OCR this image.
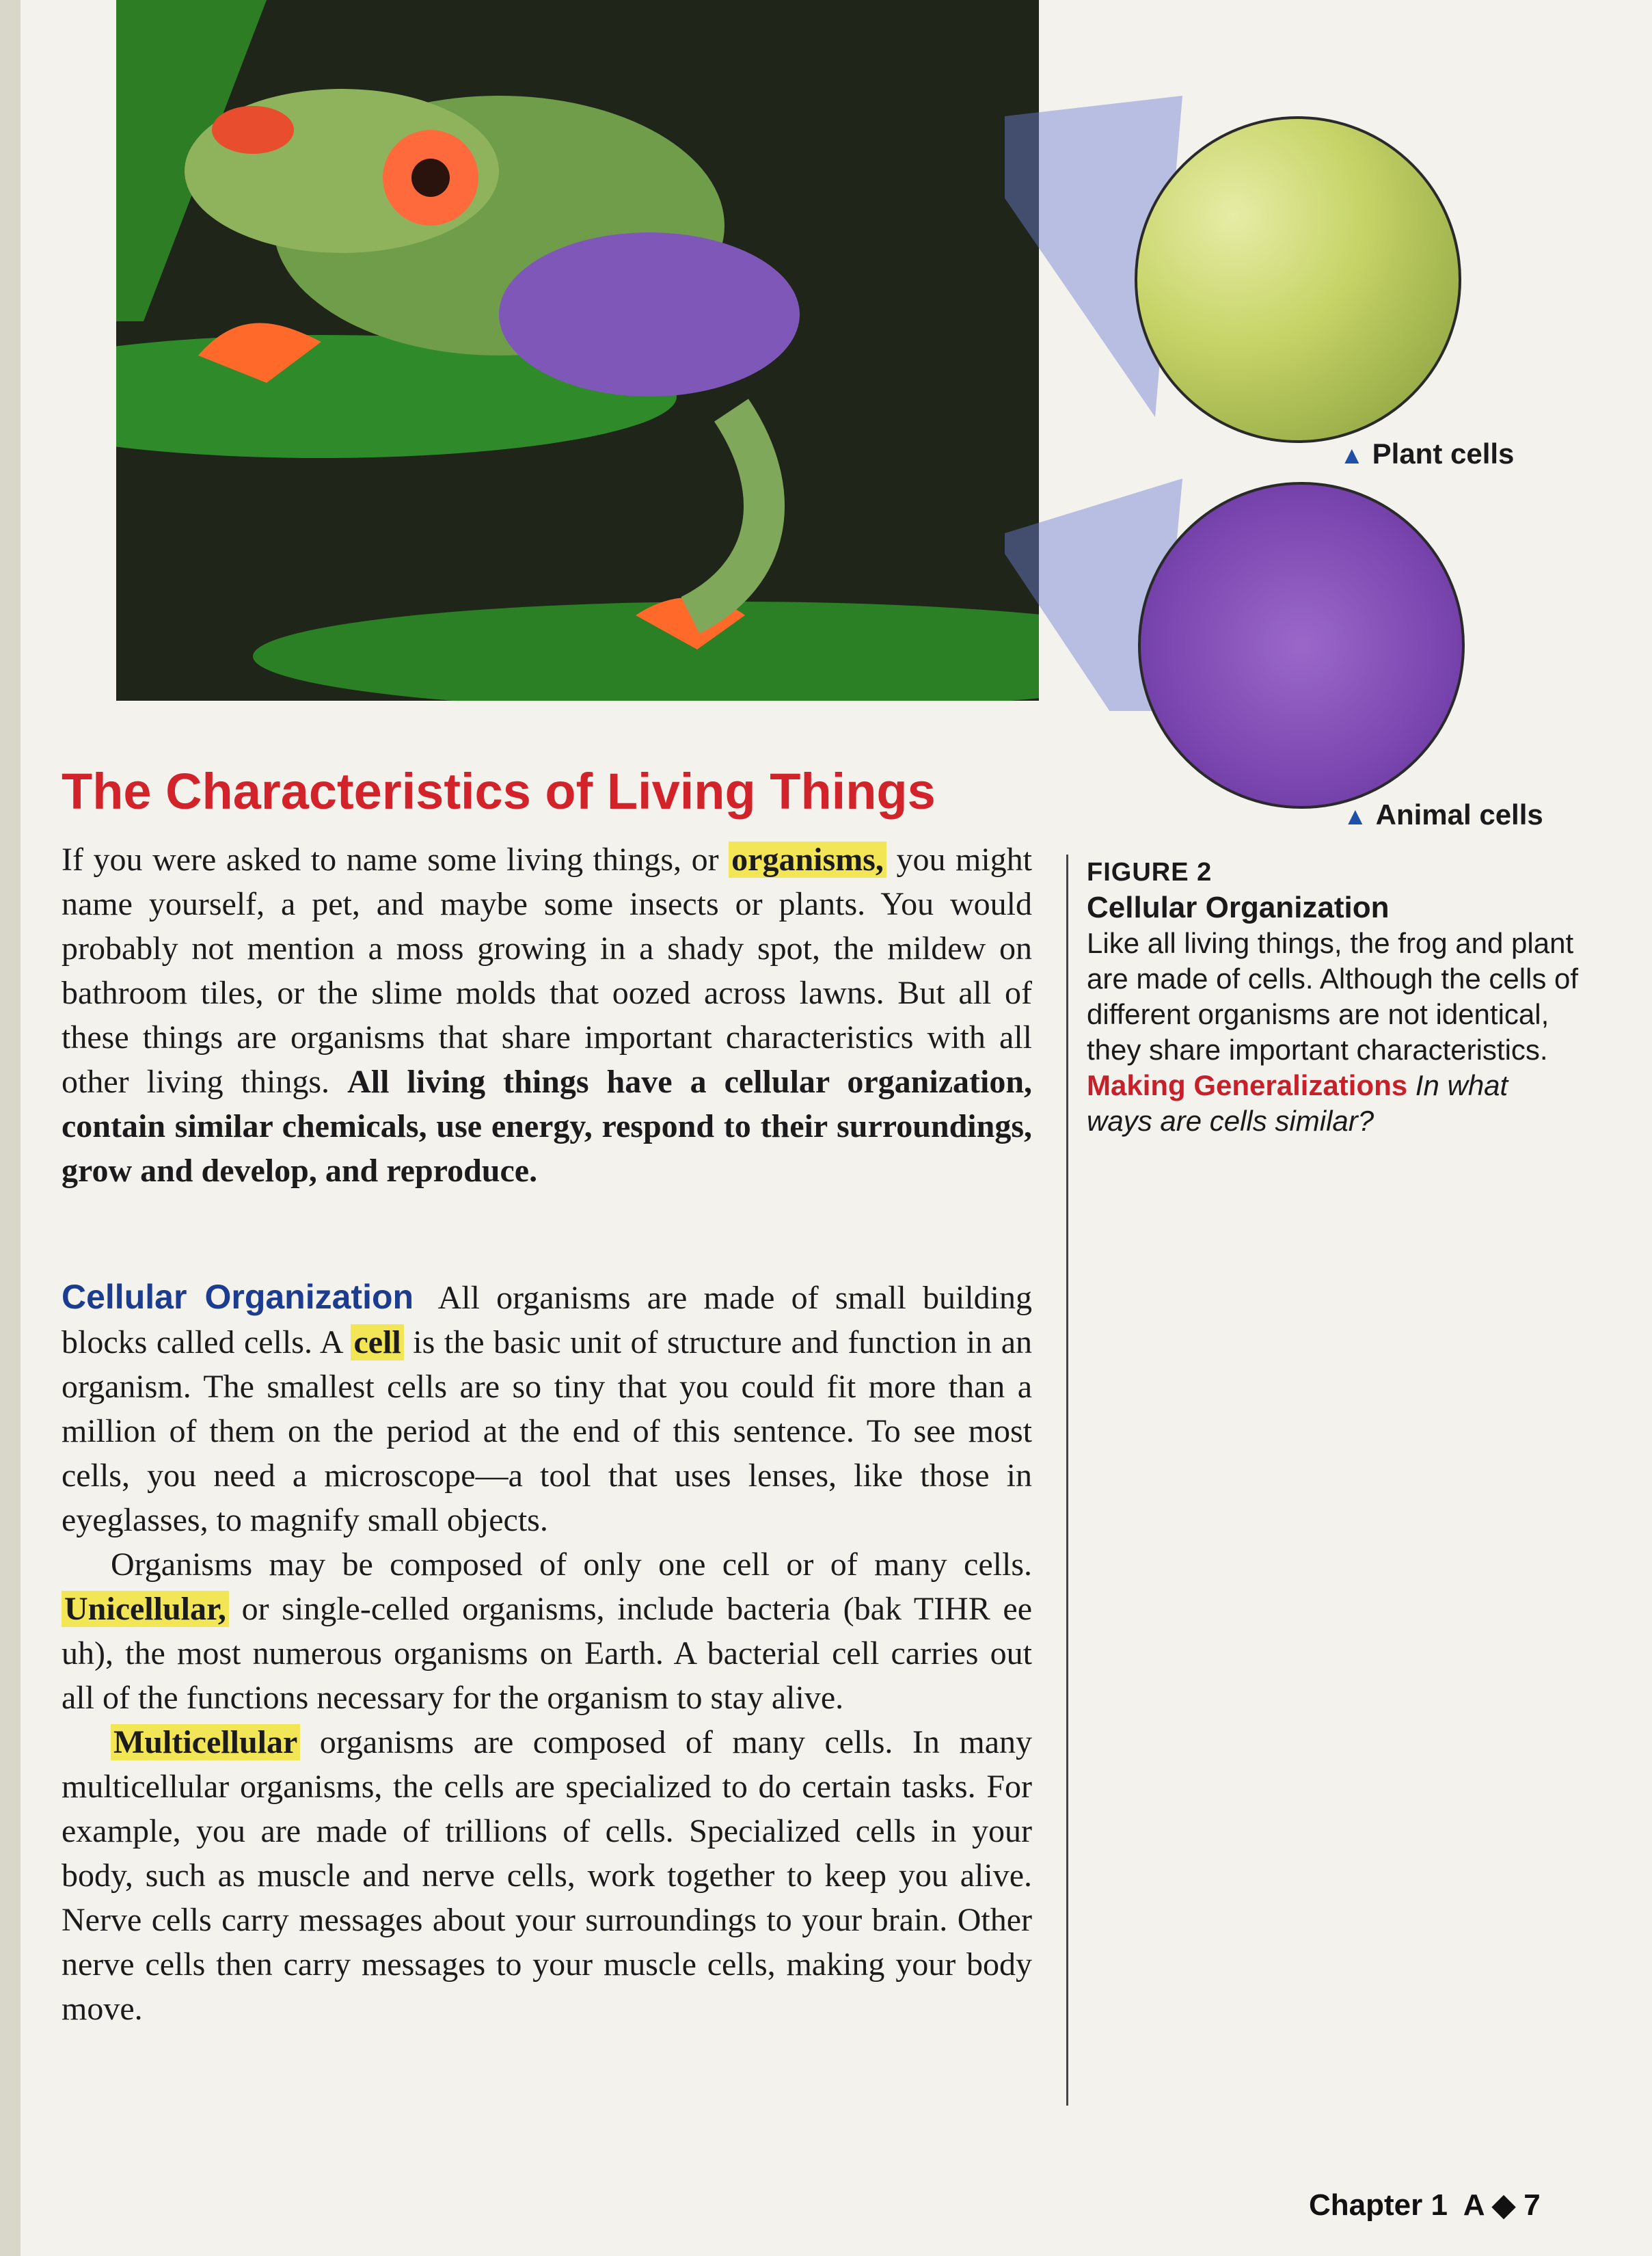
▲ Plant cells
▲ Animal cells
The Characteristics of Living Things

If you were asked to name some living things, or organisms, you might name yourself, a pet, and maybe some insects or plants. You would probably not mention a moss growing in a shady spot, the mildew on bathroom tiles, or the slime molds that oozed across lawns. But all of these things are organisms that share important characteristics with all other living things. All living things have a cellular organization, contain similar chemicals, use energy, respond to their surroundings, grow and develop, and reproduce.

Cellular Organization All organisms are made of small building blocks called cells. A cell is the basic unit of structure and function in an organism. The smallest cells are so tiny that you could fit more than a million of them on the period at the end of this sentence. To see most cells, you need a microscope—a tool that uses lenses, like those in eyeglasses, to magnify small objects.

Organisms may be composed of only one cell or of many cells. Unicellular, or single-celled organisms, include bacteria (bak TIHR ee uh), the most numerous organisms on Earth. A bacterial cell carries out all of the functions necessary for the organism to stay alive.

Multicellular organisms are composed of many cells. In many multicellular organisms, the cells are specialized to do certain tasks. For example, you are made of trillions of cells. Specialized cells in your body, such as muscle and nerve cells, work together to keep you alive. Nerve cells carry messages about your surroundings to your brain. Other nerve cells then carry messages to your muscle cells, making your body move.

FIGURE 2
Cellular Organization
Like all living things, the frog and plant are made of cells. Although the cells of different organisms are not identical, they share important characteristics.
Making Generalizations In what ways are cells similar?
Chapter 1 A ◆ 7
